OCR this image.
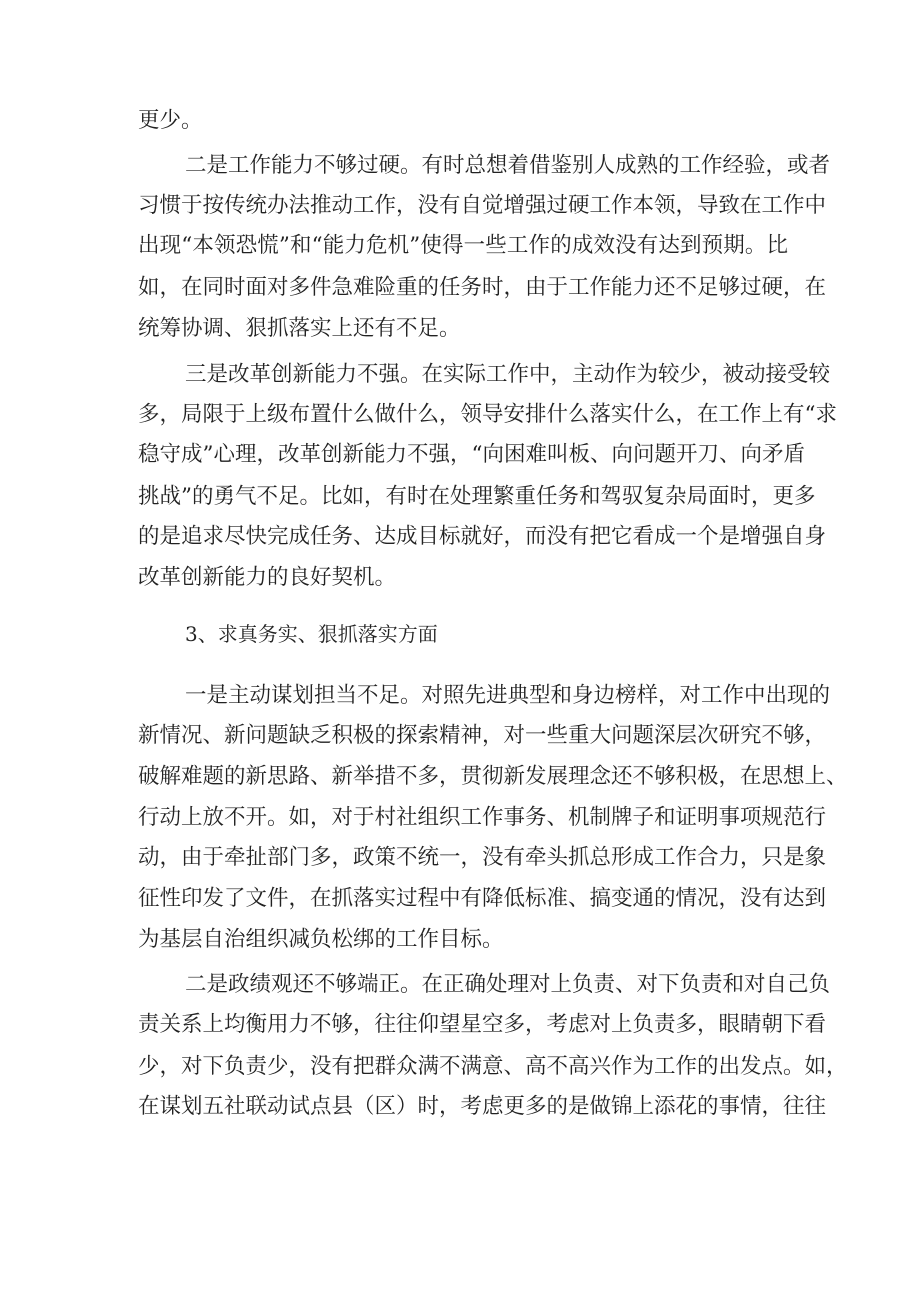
更少。
二是工作能力不够过硬。有时总想着借鉴别人成熟的工作经验，或者
习惯于按传统办法推动工作，没有自觉增强过硬工作本领，导致在工作中
出现“本领恐慌”和“能力危机”使得一些工作的成效没有达到预期。比
如，在同时面对多件急难险重的任务时，由于工作能力还不足够过硬，在
统筹协调、狠抓落实上还有不足。
三是改革创新能力不强。在实际工作中，主动作为较少，被动接受较
多，局限于上级布置什么做什么，领导安排什么落实什么，在工作上有“求
稳守成”心理，改革创新能力不强，“向困难叫板、向问题开刀、向矛盾
挑战”的勇气不足。比如，有时在处理繁重任务和驾驭复杂局面时，更多
的是追求尽快完成任务、达成目标就好，而没有把它看成一个是增强自身
改革创新能力的良好契机。
3、求真务实、狠抓落实方面
一是主动谋划担当不足。对照先进典型和身边榜样，对工作中出现的
新情况、新问题缺乏积极的探索精神，对一些重大问题深层次研究不够，
破解难题的新思路、新举措不多，贯彻新发展理念还不够积极，在思想上、
行动上放不开。如，对于村社组织工作事务、机制牌子和证明事项规范行
动，由于牵扯部门多，政策不统一，没有牵头抓总形成工作合力，只是象
征性印发了文件，在抓落实过程中有降低标准、搞变通的情况，没有达到
为基层自治组织减负松绑的工作目标。
二是政绩观还不够端正。在正确处理对上负责、对下负责和对自己负
责关系上均衡用力不够，往往仰望星空多，考虑对上负责多，眼睛朝下看
少，对下负责少，没有把群众满不满意、高不高兴作为工作的出发点。如，
在谋划五社联动试点县（区）时，考虑更多的是做锦上添花的事情，往往
